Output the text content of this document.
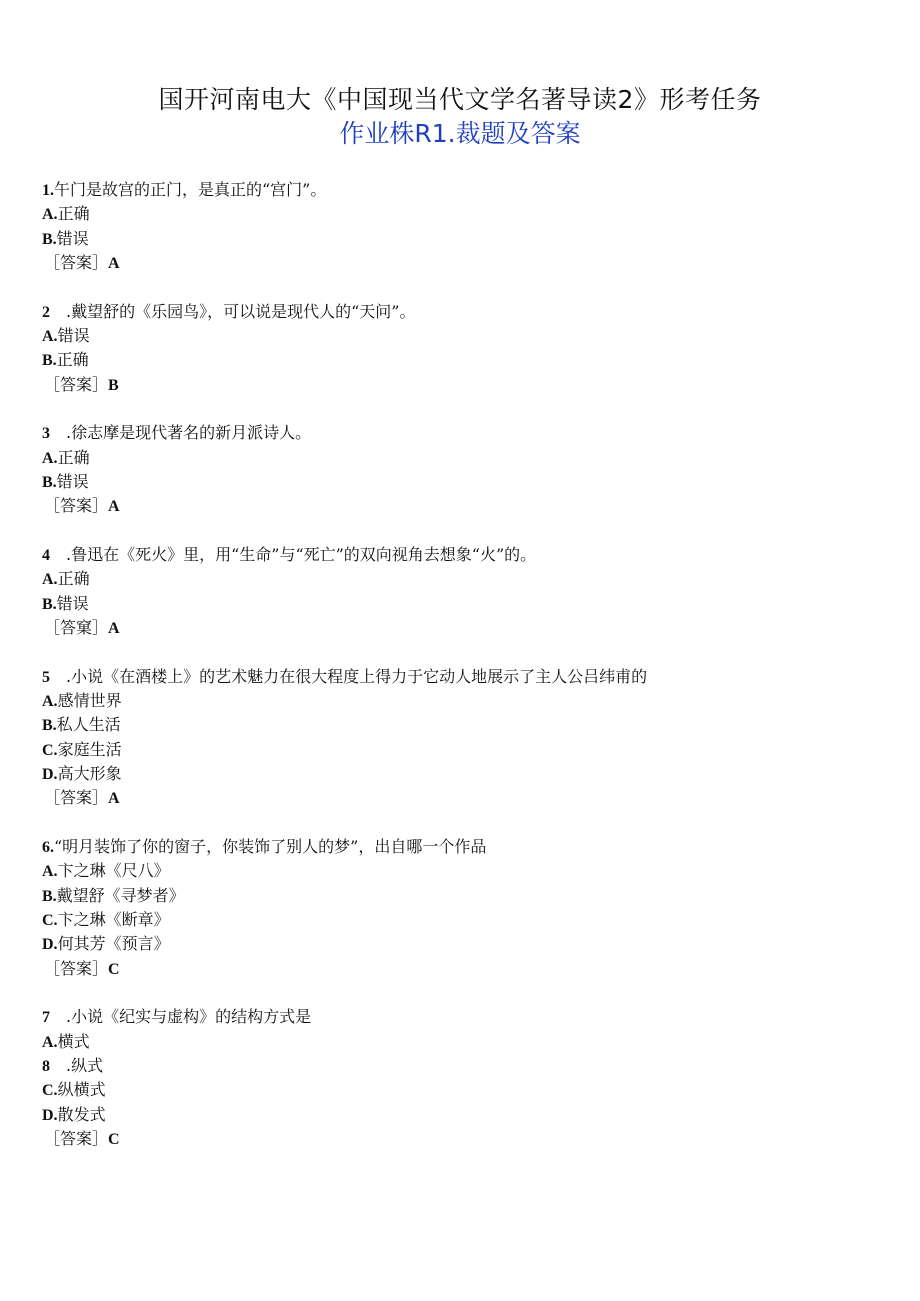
国开河南电大《中国现当代文学名著导读2》形考任务
作业株R1.裁题及答案
1.午门是故宫的正门，是真正的“宫门”。
A.正确
B.错误
［答案］A
2 .戴望舒的《乐园鸟》，可以说是现代人的“天问”。
A.错误
B.正确
［答案］B
3 .徐志摩是现代著名的新月派诗人。
A.正确
B.错误
［答案］A
4 .鲁迅在《死火》里，用“生命”与“死亡”的双向视角去想象“火”的。
A.正确
B.错误
［答窠］A
5 .小说《在酒楼上》的艺术魅力在很大程度上得力于它动人地展示了主人公吕纬甫的
A.感情世界
B.私人生活
C.家庭生活
D.高大形象
［答案］A
6.“明月装饰了你的窗子，你装饰了别人的梦”，出自哪一个作品
A.卞之琳《尺八》
B.戴望舒《寻梦者》
C.卞之琳《断章》
D.何其芳《预言》
［答案］C
7 .小说《纪实与虚构》的结构方式是
A.横式
8 .纵式
C.纵横式
D.散发式
［答案］C
